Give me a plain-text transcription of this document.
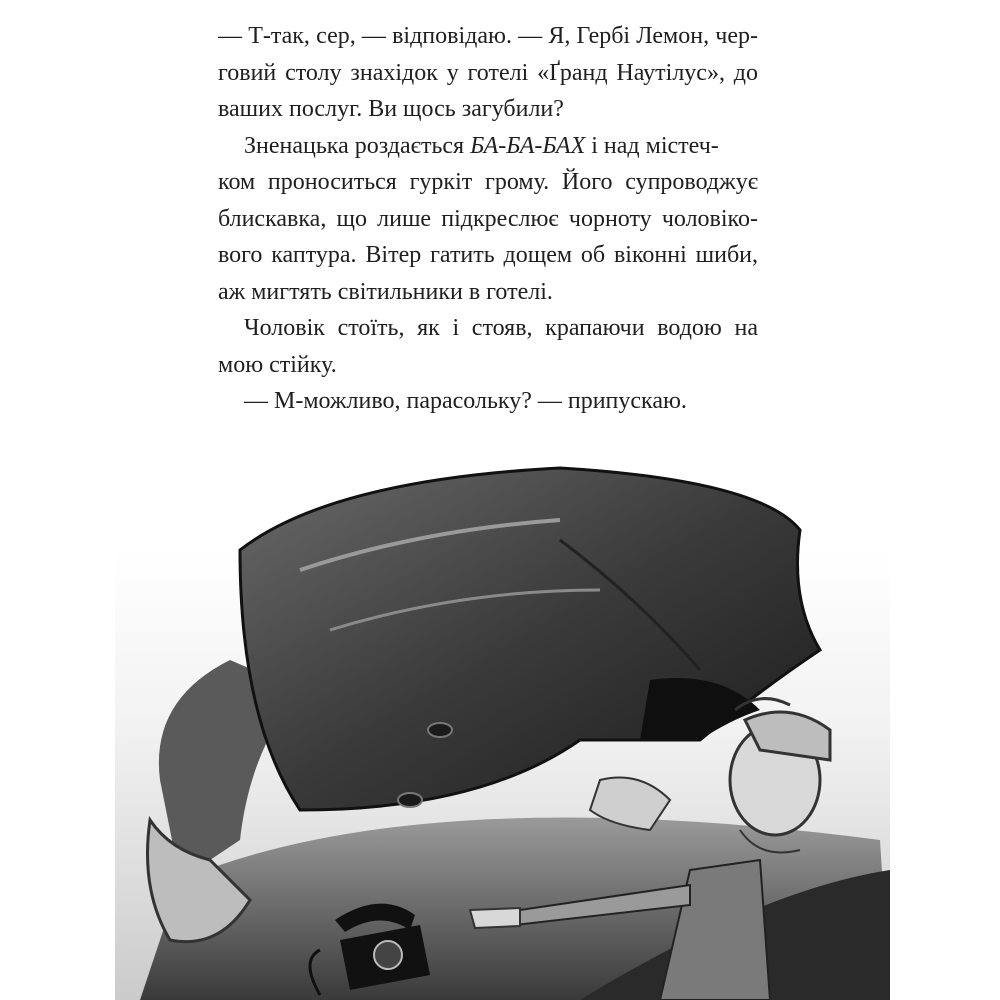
— Т-так, сер, — відповідаю. — Я, Гербі Лемон, чер-
говий столу знахідок у готелі «Ґранд Наутілус», до
ваших послуг. Ви щось загубили?
Зненацька роздається БА-БА-БАХ і над містеч-
ком проноситься гуркіт грому. Його супроводжує
блискавка, що лише підкреслює чорноту чоловіко-
вого каптура. Вітер гатить дощем об віконні шиби,
аж мигтять світильники в готелі.
Чоловік стоїть, як і стояв, крапаючи водою на
мою стійку.
— М-можливо, парасольку? — припускаю.
